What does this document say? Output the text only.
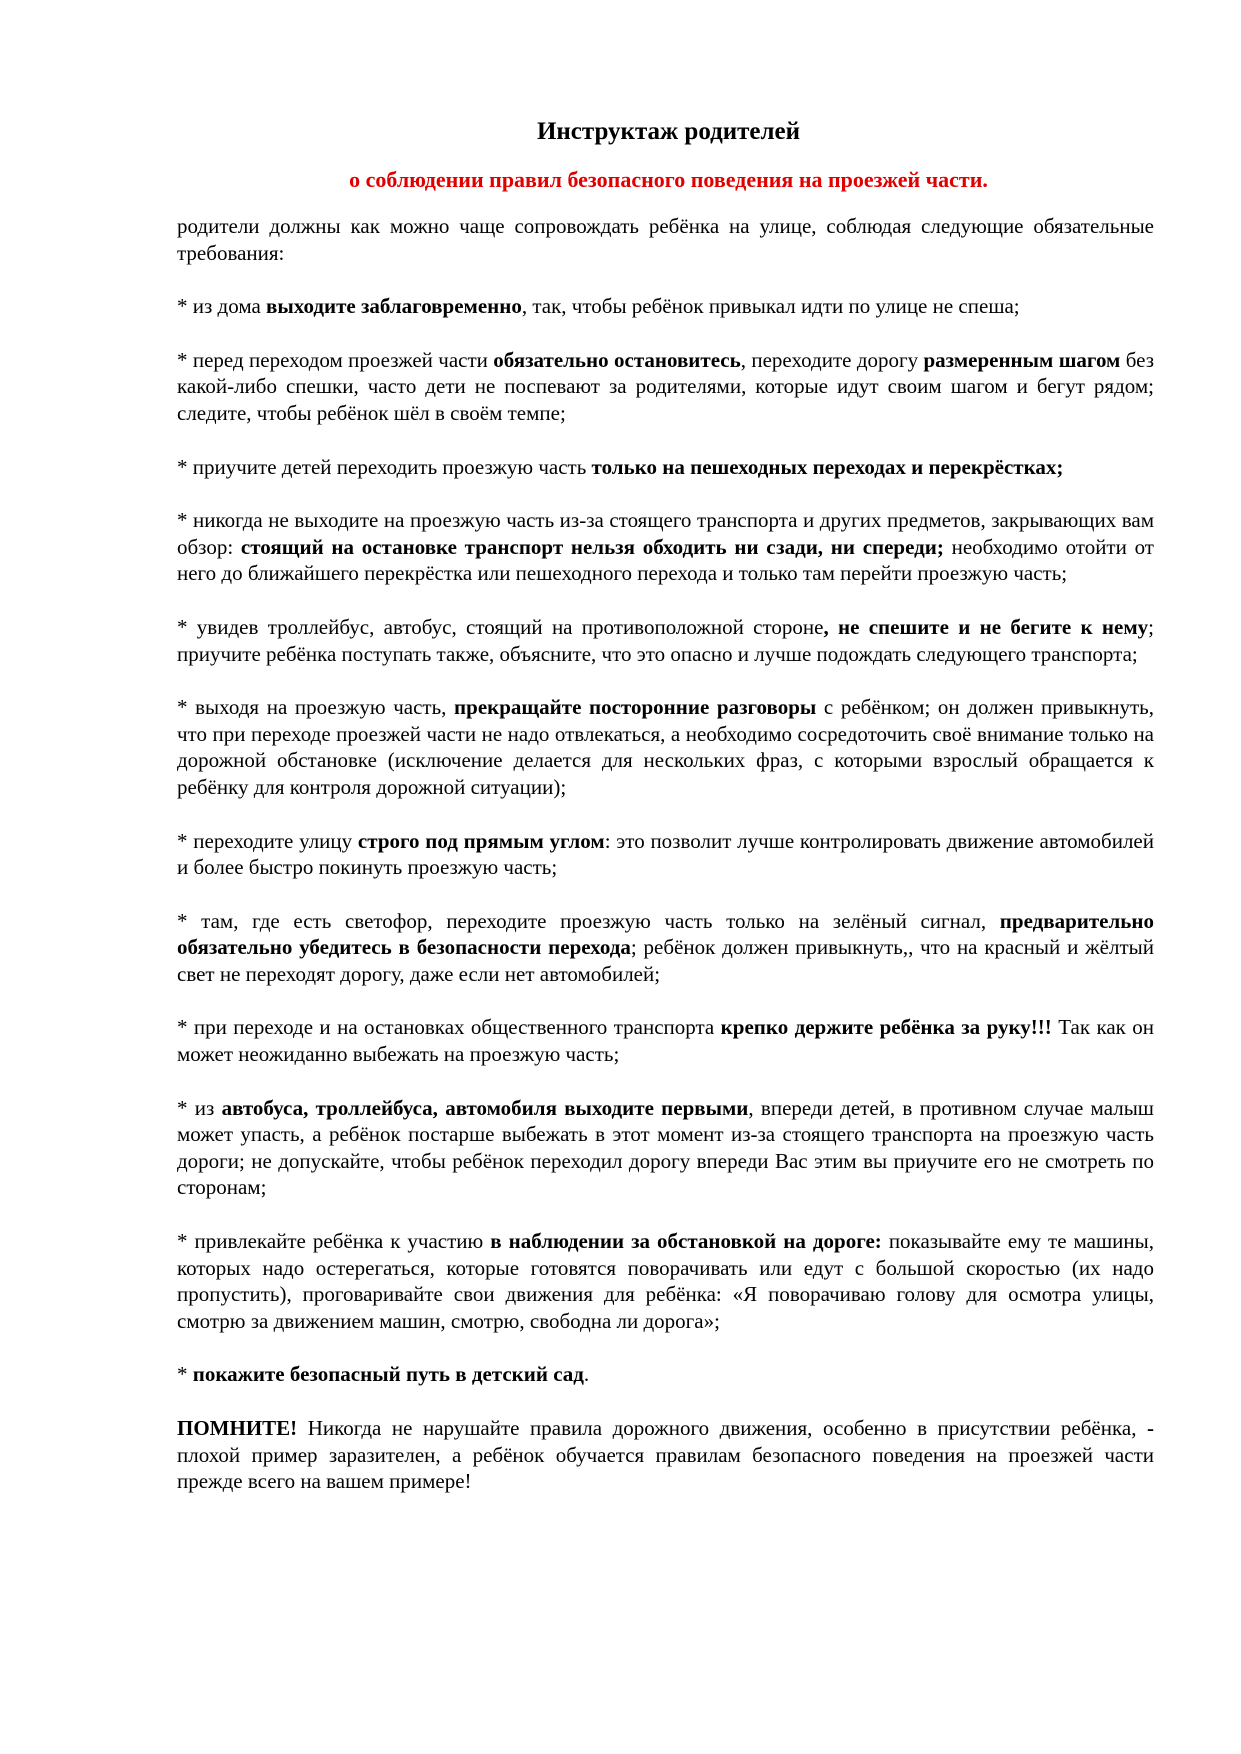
Инструктаж родителей
о соблюдении правил безопасного поведения на проезжей части.

родители должны как можно чаще сопровождать ребёнка на улице, соблюдая следующие обязательные требования:

* из дома выходите заблаговременно, так, чтобы ребёнок привыкал идти по улице не спеша;

* перед переходом проезжей части обязательно остановитесь, переходите дорогу размеренным шагом без какой-либо спешки, часто дети не поспевают за родителями, которые идут своим шагом и бегут рядом; следите, чтобы ребёнок шёл в своём темпе;

* приучите детей переходить проезжую часть только на пешеходных переходах и перекрёстках;

* никогда не выходите на проезжую часть из-за стоящего транспорта и других предметов, закрывающих вам обзор: стоящий на остановке транспорт нельзя обходить ни сзади, ни спереди; необходимо отойти от него до ближайшего перекрёстка или пешеходного перехода и только там перейти проезжую часть;

* увидев троллейбус, автобус, стоящий на противоположной стороне, не спешите и не бегите к нему; приучите ребёнка поступать также, объясните, что это опасно и лучше подождать следующего транспорта;

* выходя на проезжую часть, прекращайте посторонние разговоры с ребёнком; он должен привыкнуть, что при переходе проезжей части не надо отвлекаться, а необходимо сосредоточить своё внимание только на дорожной обстановке (исключение делается для нескольких фраз, с которыми взрослый обращается к ребёнку для контроля дорожной ситуации);

* переходите улицу строго под прямым углом: это позволит лучше контролировать движение автомобилей и более быстро покинуть проезжую часть;

* там, где есть светофор, переходите проезжую часть только на зелёный сигнал, предварительно обязательно убедитесь в безопасности перехода; ребёнок должен привыкнуть,, что на красный и жёлтый свет не переходят дорогу, даже если нет автомобилей;

* при переходе и на остановках общественного транспорта крепко держите ребёнка за руку!!! Так как он может неожиданно выбежать на проезжую часть;

* из автобуса, троллейбуса, автомобиля выходите первыми, впереди детей, в противном случае малыш может упасть, а ребёнок постарше выбежать в этот момент из-за стоящего транспорта на проезжую часть дороги; не допускайте, чтобы ребёнок переходил дорогу впереди Вас этим вы приучите его не смотреть по сторонам;

* привлекайте ребёнка к участию в наблюдении за обстановкой на дороге: показывайте ему те машины, которых надо остерегаться, которые готовятся поворачивать или едут с большой скоростью (их надо пропустить), проговаривайте свои движения для ребёнка: «Я поворачиваю голову для осмотра улицы, смотрю за движением машин, смотрю, свободна ли дорога»;

* покажите безопасный путь в детский сад.

ПОМНИТЕ! Никогда не нарушайте правила дорожного движения, особенно в присутствии ребёнка, - плохой пример заразителен, а ребёнок обучается правилам безопасного поведения на проезжей части прежде всего на вашем примере!
